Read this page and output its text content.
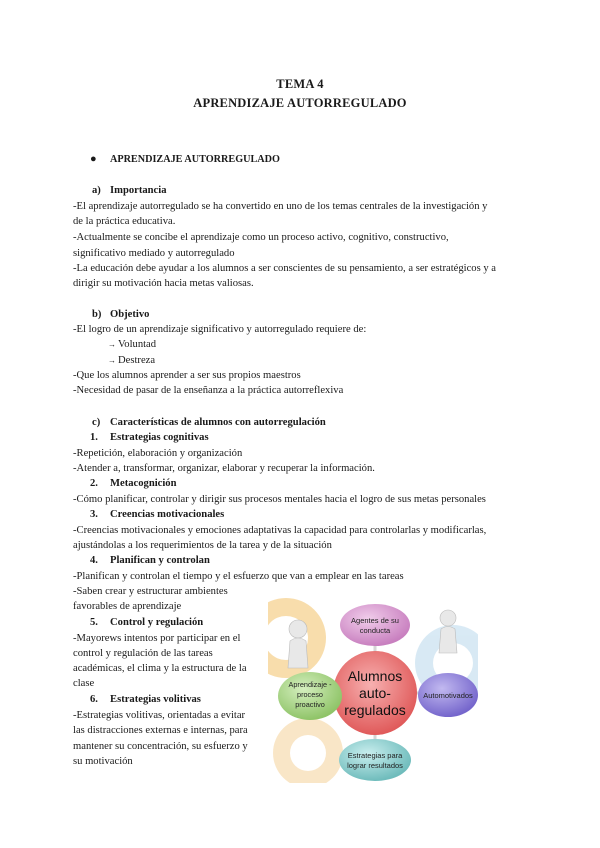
TEMA 4
APRENDIZAJE AUTORREGULADO
● APRENDIZAJE AUTORREGULADO
a) Importancia
-El aprendizaje autorregulado se ha convertido en uno de los temas centrales de la investigación y
de la práctica educativa.
-Actualmente se concibe el aprendizaje como un proceso activo, cognitivo, constructivo,
significativo mediado y autorregulado
-La educación debe ayudar a los alumnos a ser conscientes de su pensamiento, a ser estratégicos y a
dirigir su motivación hacia metas valiosas.
b) Objetivo
-El logro de un aprendizaje significativo y autorregulado requiere de:
→ Voluntad
→ Destreza
-Que los alumnos aprender a ser sus propios maestros
-Necesidad de pasar de la enseñanza a la práctica autorreflexiva
c) Características de alumnos con autorregulación
1. Estrategias cognitivas
-Repetición, elaboración y organización
-Atender a, transformar, organizar, elaborar y recuperar la información.
2. Metacognición
-Cómo planificar, controlar y dirigir sus procesos mentales hacia el logro de sus metas personales
3. Creencias motivacionales
-Creencias motivacionales y emociones adaptativas la capacidad para controlarlas y modificarlas,
ajustándolas a los requerimientos de la tarea y de la situación
4. Planifican y controlan
-Planifican y controlan el tiempo y el esfuerzo que van a emplear en las tareas
-Saben crear y estructurar ambientes
favorables de aprendizaje
5. Control y regulación
-Mayorews intentos por participar en el
control y regulación de las tareas
académicas, el clima y la estructura de la
clase
6. Estrategias volitivas
-Estrategias volitivas, orientadas a evitar
las distracciones externas e internas, para
mantener su concentración, su esfuerzo y
su motivación
Alumnos
auto-
regulados
Agentes de su
conducta
Automotivados
Estrategias para
lograr resultados
Aprendizaje -
proceso
proactivo
